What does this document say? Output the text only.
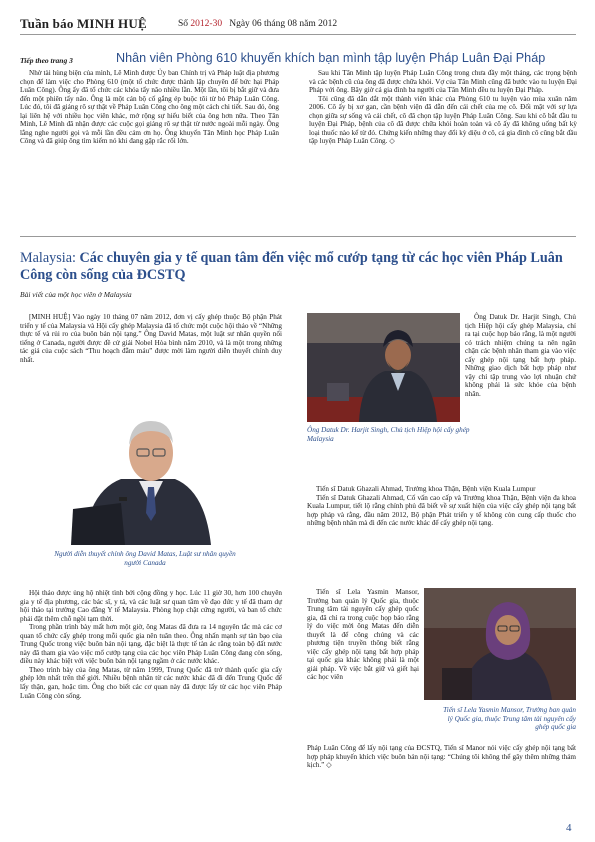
Tuần báo MINH HUỆ	Số 2012-30 Ngày 06 tháng 08 năm 2012
Tiếp theo trang 3	Nhân viên Phòng 610 khuyến khích bạn mình tập luyện Pháp Luân Đại Pháp

Nhờ tài hùng biện của mình, Lê Minh được Ủy ban Chính trị và Pháp luật địa phương chọn để làm việc cho Phòng 610 (một tổ chức được thành lập chuyên để bức hại Pháp Luân Công). Ông ấy đã tổ chức các khóa tẩy não nhiều lần. Một lần, tôi bị bắt giữ và đưa đến một phiên tẩy não. Ông là một cán bộ cố gắng ép buộc tôi từ bỏ Pháp Luân Công. Lúc đó, tôi đã giảng rõ sự thật về Pháp Luân Công cho ông một cách chi tiết. Sau đó, ông lại liên hệ với nhiều học viên khác, mở rộng sự hiểu biết của ông hơn nữa. Theo Tân Minh, Lê Minh đã nhận được các cuộc gọi giảng rõ sự thật từ nước ngoài mỗi ngày. Ông lắng nghe người gọi và mỗi lần đều cảm ơn họ. Ông khuyến Tân Minh học Pháp Luân Công và đã giúp ông tìm kiếm nó khi đang gặp rắc rối lớn.

Sau khi Tân Minh tập luyện Pháp Luân Công trong chưa đầy một tháng, các trọng bệnh và các bệnh cũ của ông đã được chữa khỏi. Vợ của Tân Minh cũng đã bước vào tu luyện Đại Pháp với ông. Bây giờ cả gia đình ba người của Tân Minh đều tu luyện Đại Pháp.

Tôi cũng đã dẫn dắt một thành viên khác của Phòng 610 tu luyện vào mùa xuân năm 2006. Cô ấy bị xơ gan, cần bệnh viện đã dẫn đến cái chết của mẹ cô. Đối mặt với sự lựa chọn giữa sự sống và cái chết, cô đã chọn tập luyện Pháp Luân Công. Sau khi cô bắt đầu tu luyện Đại Pháp, bệnh của cô đã được chữa khỏi hoàn toàn và cô ấy đã không uống bất kỳ loại thuốc nào kể từ đó. Chứng kiến những thay đổi kỳ diệu ở cô, cả gia đình cô cũng bắt đầu tập luyện Pháp Luân Công. ◇

Malaysia: Các chuyên gia y tế quan tâm đến việc mổ cướp tạng từ các học viên Pháp Luân Công còn sống của ĐCSTQ
Bài viết của một học viên ở Malaysia

[MINH HUỆ] Vào ngày 10 tháng 07 năm 2012, đơn vị cấy ghép thuộc Bộ phận Phát triển y tế của Malaysia và Hội cấy ghép Malaysia đã tổ chức một cuộc hội thảo về “Những thực tế và rủi ro của buôn bán nội tạng.” Ông David Matas, một luật sư nhân quyền nổi tiếng ở Canada, người được đề cử giải Nobel Hòa bình năm 2010, và là một trong những tác giả của cuộc sách “Thu hoạch đẫm máu” được mời làm người diễn thuyết chính duy nhất.

Người diễn thuyết chính ông David Matas, Luật sư nhân quyền người Canada

Hội thảo được ủng hộ nhiệt tình bởi cộng đồng y học. Lúc 11 giờ 30, hơn 100 chuyên gia y tế địa phương, các bác sĩ, y tá, và các luật sư quan tâm về đạo đức y tế đã tham dự hội thảo tại trường Cao đẳng Y tế Malaysia. Phòng họp chật cứng người, và ban tổ chức phải đặt thêm chỗ ngồi tạm thời.

Trong phần trình bày mất hơn một giờ, ông Matas đã đưa ra 14 nguyên tắc mà các cơ quan tổ chức cấy ghép trong mỗi quốc gia nên tuân theo. Ông nhấn mạnh sự tàn bạo của Trung Quốc trong việc buôn bán nội tạng, đặc biệt là thực tế tàn ác rằng toàn bộ đất nước này đã tham gia vào việc mổ cướp tạng của các học viên Pháp Luân Công đang còn sống, điều này khác biệt với việc buôn bán nội tạng ngầm ở các nước khác.

Theo trình bày của ông Matas, từ năm 1999, Trung Quốc đã trở thành quốc gia cấy ghép lớn nhất trên thế giới. Nhiều bệnh nhân từ các nước khác đã đi đến Trung Quốc để lấy thận, gan, hoặc tim. Ông cho biết các cơ quan này đã được lấy từ các học viên Pháp Luân Công còn sống.

Ông Datuk Dr. Harjit Singh, Chủ tịch Hiệp hội cấy ghép Malaysia

Ông Datuk Dr. Harjit Singh, Chủ tịch Hiệp hội cấy ghép Malaysia, chỉ ra tại cuộc họp báo rằng, là một người có trách nhiệm chúng ta nên ngăn chặn các bệnh nhân tham gia vào việc cấy ghép nội tạng bất hợp pháp. Những giao dịch bất hợp pháp như vậy chỉ tập trung vào lợi nhuận chứ không phải là sức khỏe của bệnh nhân.

Tiến sĩ Datuk Ghazali Ahmad, Trưởng khoa Thận, Bệnh viện Kuala Lumpur

Tiến sĩ Datuk Ghazali Ahmad, Cố vấn cao cấp và Trưởng khoa Thận, Bệnh viện đa khoa Kuala Lumpur, tiết lộ rằng chính phủ đã biết về sự xuất hiện của việc cấy ghép nội tạng bất hợp pháp và rằng, đầu năm 2012, Bộ phận Phát triển y tế không còn cung cấp thuốc cho những bệnh nhân mà đi đến các nước khác để cấy ghép nội tạng.

Tiến sĩ Lela Yasmin Mansor, Trưởng ban quản lý Quốc gia, thuộc Trung tâm tài nguyên cấy ghép quốc gia, đã chỉ ra trong cuộc họp báo rằng lý do việc mời ông Matas đến diễn thuyết là để công chúng và các phương tiện truyền thông biết rằng việc cấy ghép nội tạng bất hợp pháp tại quốc gia khác không phải là một giải pháp. Về việc bắt giữ và giết hại các học viên

Tiến sĩ Lela Yasmin Mansor, Trưởng ban quản lý Quốc gia, thuộc Trung tâm tài nguyên cấy ghép quốc gia

Pháp Luân Công để lấy nội tạng của ĐCSTQ, Tiến sĩ Manor nói việc cấy ghép nội tạng bất hợp pháp khuyến khích việc buôn bán nội tạng: “Chúng tôi không thể gây thêm những thảm kịch.” ◇

4
